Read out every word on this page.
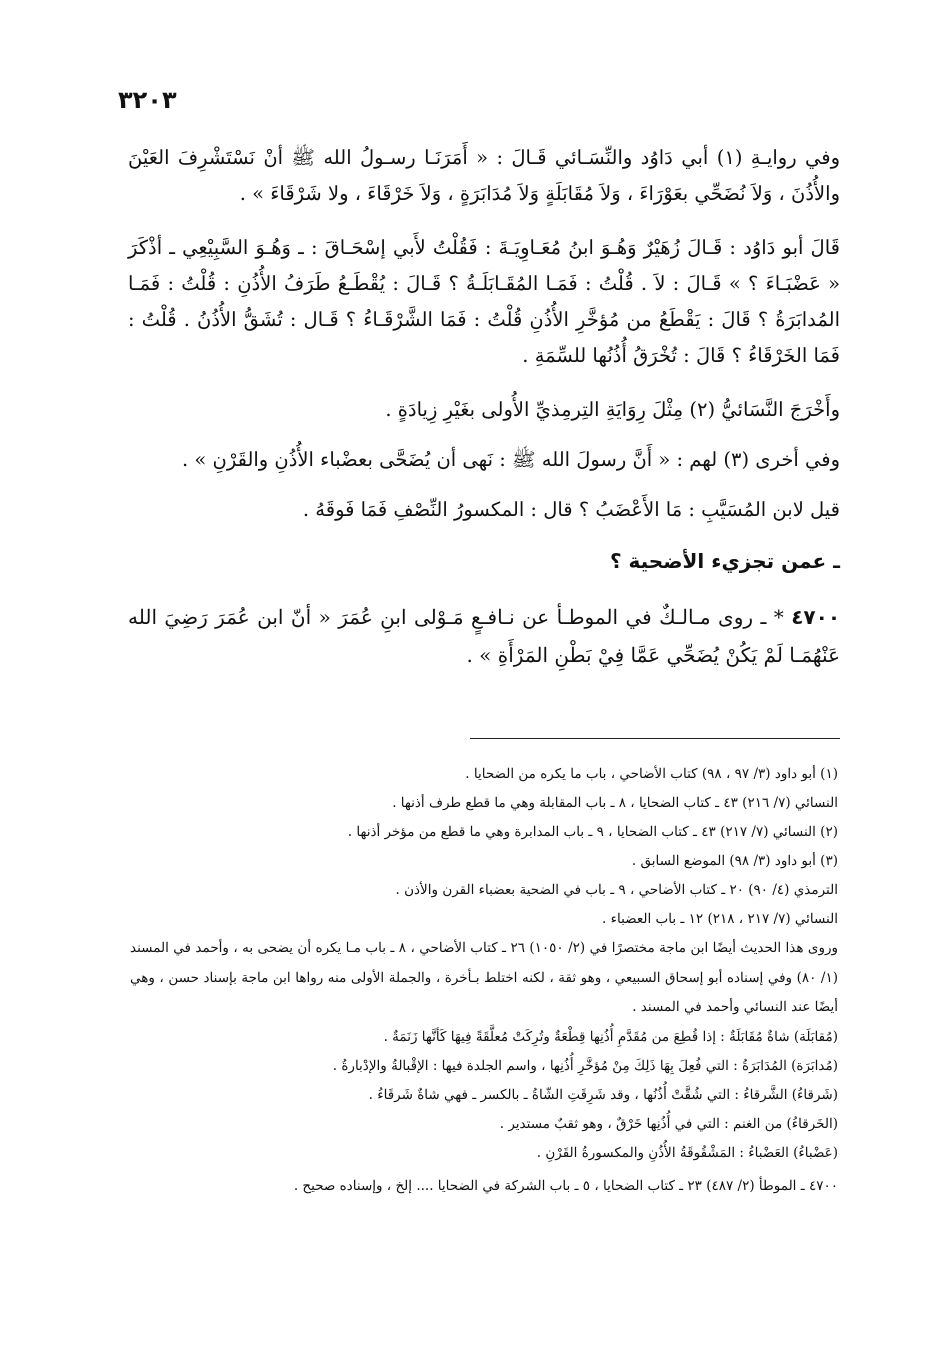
٣٢٠٣

وفي روايـةِ (١) أبي دَاوُد والنِّسَـائي قَـالَ : « أَمَرَنَـا رسـولُ الله ﷺ أنْ نَسْتَشْرِفَ العَيْنَ والأُذُنَ ، وَلاَ نُضَحِّي بعَوْرَاءَ ، وَلاَ مُقَابَلَةٍ وَلاَ مُدَابَرَةٍ ، وَلاَ خَرْقَاءَ ، ولا شَرْقَاءَ » .

قَالَ أبو دَاوُد : قَـالَ زُهَيْرٌ وَهُـوَ ابنُ مُعَـاوِيَـةَ : فَقُلْتُ لأَبي إسْحَـاقَ : ـ وَهُـوَ السَّبِيْعِي ـ أذْكَرَ « عَضْبَـاءَ ؟ » قَـالَ : لاَ . قُلْتُ : فَمَـا المُقَـابَلَـةُ ؟ قَـالَ : يُقْطَـعُ طَرَفُ الأُذُنِ : قُلْتُ : فَمَـا المُدابَرَةُ ؟ قَالَ : يَقْطَعُ من مُؤخَّرِ الأُذُنِ قُلْتُ : فَمَا الشَّرْقَـاءُ ؟ قَـال : تُشَقُّ الأُذُنُ . قُلْتُ : فَمَا الخَرْقَاءُ ؟ قَالَ : تُخْرَقُ أُذُنُها للسِّمَةِ .

وأَخْرَجَ النَّسَائيُّ (٢) مِثْلَ رِوَايَةِ التِرمِذيِّ الأُولى بغَيْرِ زِيادَةٍ .

وفي أخرى (٣) لهم : « أَنَّ رسولَ الله ﷺ : نَهى أن يُضَحَّى بعضْباء الأُذُنِ والقَرْنِ » .

قيل لابن المُسَيَّبِ : مَا الأَعْضَبُ ؟ قال : المكسورُ النِّصْفِ فَمَا فَوقَهُ .

ـ عمن تجزيء الأضحية ؟

٤٧٠٠ * ـ روى مـالـكٌ في الموطـأ عن نـافـعٍ مَـوْلى ابنِ عُمَرَ « أنّ ابن عُمَرَ رَضِيَ الله عَنْهُمَـا لَمْ يَكُنْ يُضَحِّي عَمَّا فِيْ بَطْنِ المَرْأَةِ » .

(١) أبو داود (٣/ ٩٧ ، ٩٨) كتاب الأضاحي ، باب ما يكره من الضحايا .

النسائي (٧/ ٢١٦) ٤٣ ـ كتاب الضحايا ، ٨ ـ باب المقابلة وهي ما قطع طرف أذنها .

(٢) النسائي (٧/ ٢١٧) ٤٣ ـ كتاب الضحايا ، ٩ ـ باب المدابرة وهي ما قطع من مؤخر أذنها .

(٣) أبو داود (٣/ ٩٨) الموضع السابق .

الترمذي (٤/ ٩٠) ٢٠ ـ كتاب الأضاحي ، ٩ ـ باب في الضحية بعضباء القرن والأذن .

النسائي (٧/ ٢١٧ ، ٢١٨) ١٢ ـ باب العضباء .

وروى هذا الحديث أيضًا ابن ماجة مختصرًا في (٢/ ١٠٥٠) ٢٦ ـ كتاب الأضاحي ، ٨ ـ باب مـا يكره أن يضحى به ، وأحمد في المسند (١/ ٨٠) وفي إسناده أبو إسحاق السبيعي ، وهو ثقة ، لكنه اختلط بـأخرة ، والجملة الأولى منه رواها ابن ماجة بإسناد حسن ، وهي أيضًا عند النسائي وأحمد في المسند .

(مُقابَلَة) شاةٌ مُقَابَلَةٌ : إذا قُطِعَ من مُقَدَّمِ أُذُنِها قِطْعَةٌ وتُرِكَتْ مُعلَّقَةً فِيهَا كَأنَّها زَنَمَةٌ .

(مُدابَرَة) المُدَابَرَةُ : التي فُعِلَ بِهَا ذَلِكَ مِنْ مُؤخَّرِ أُذُنِها ، واسم الجلدة فيها : الإقْبالةُ والإدْبارةُ .

(شَرقاءُ) الشَّرقاءُ : التي شُقَّتْ أُذُنُها ، وقد شَرِقَتِ الشّاةُ ـ بالكسر ـ فهي شاةٌ شَرقَاءُ .

(الخَرقاءُ) من الغنم : التي في أُذُنِها خَرْقٌ ، وهو ثقبٌ مستدير .

(عَضْباءُ) العَضْباءُ : المَشْقُوقَةُ الأُذُنِ والمكسورةُ القَرْنِ .

٤٧٠٠ ـ الموطأ (٢/ ٤٨٧) ٢٣ ـ كتاب الضحايا ، ٥ ـ باب الشركة في الضحايا .... إلخ ، وإسناده صحيح .
